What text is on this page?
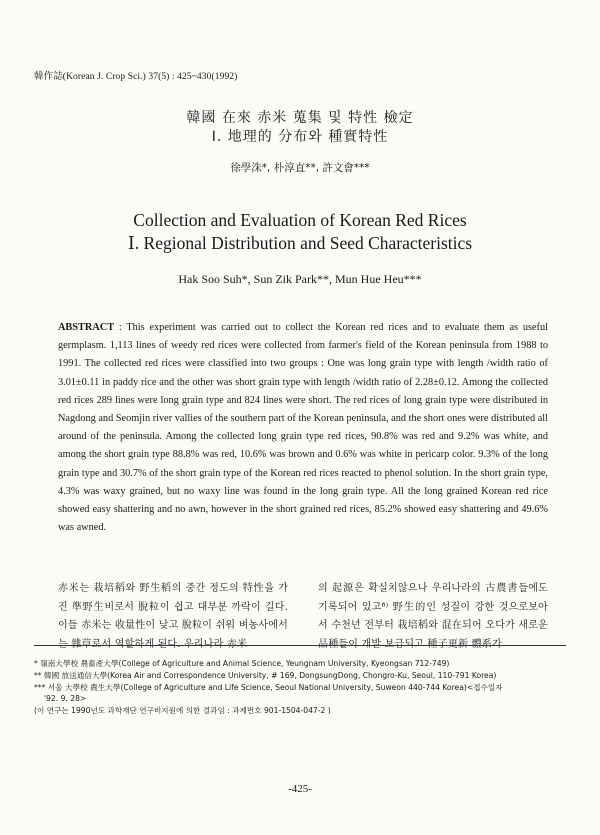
韓作誌(Korean J. Crop Sci.) 37(5) : 425~430(1992)
韓國 在來 赤米 蒐集 및 特性 檢定
Ⅰ. 地理的 分布와 種實特性
徐學洙*, 朴淳直**, 許文會***
Collection and Evaluation of Korean Red Rices
Ⅰ. Regional Distribution and Seed Characteristics
Hak Soo Suh*, Sun Zik Park**, Mun Hue Heu***
ABSTRACT : This experiment was carried out to collect the Korean red rices and to evaluate them as useful germplasm. 1,113 lines of weedy red rices were collected from farmer's field of the Korean peninsula from 1988 to 1991. The collected red rices were classified into two groups : One was long grain type with length /width ratio of 3.01±0.11 in paddy rice and the other was short grain type with length /width ratio of 2.28±0.12. Among the collected red rices 289 lines were long grain type and 824 lines were short. The red rices of long grain type were distributed in Nagdong and Seomjin river vallies of the southern part of the Korean peninsula, and the short ones were distributed all around of the peninsula. Among the collected long grain type red rices, 90.8% was red and 9.2% was white, and among the short grain type 88.8% was red, 10.6% was brown and 0.6% was white in pericarp color. 9.3% of the long grain type and 30.7% of the short grain type of the Korean red rices reacted to phenol solution. In the short grain type, 4.3% was waxy grained, but no waxy line was found in the long grain type. All the long grained Korean red rice showed easy shattering and no awn, however in the short grained red rices, 85.2% showed easy shattering and 49.6% was awned.
赤米는 栽培稻와 野生稻의 중간 정도의 特性을 가진 準野生비로서 脫粒이 쉽고 대부분 까락이 길다. 이들 赤米는 收量性이 낮고 脫粒이 쉬워 벼농사에서는 雜草로서 역할하게 된다. 우리나라 赤米
의 起源은 확실치않으나 우리나라의 古農書들에도 기록되어 있고⁶⁾ 野生的인 성질이 강한 것으로보아서 수천년 전부터 栽培稻와 混在되어 오다가 새로운 品種들이 개발 보급되고 種子更新 體系가
* 嶺南大學校 農畜產大學(College of Agriculture and Animal Science, Yeungnam University, Kyeongsan 712-749)
** 韓國 放送通信大學(Korea Air and Correspondence University, # 169, DongsungDong, Chongro-Ku, Seoul, 110-791 Korea)
*** 서울 大學校 農生大學(College of Agriculture and Life Science, Seoul National University, Suweon 440-744 Korea)<접수일자
'92. 9. 28>
(이 연구는 1990년도 과학재단 연구비지원에 의한 결과임 : 과제번호 901-1504-047-2 )
-425-
